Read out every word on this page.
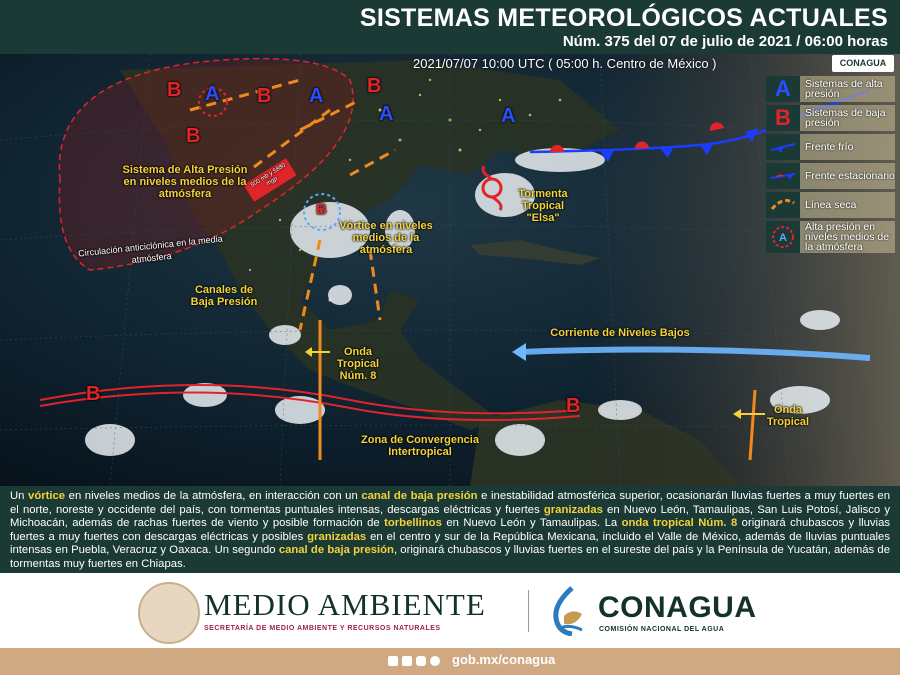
SISTEMAS METEOROLÓGICOS ACTUALES
Núm. 375 del 07 de julio de 2021 / 06:00 horas
A
B	B
B
A B
A	A
B
B
B
Sistema de Alta Presión en niveles medios de la atmósfera
Circulación anticiclónica en la media atmósfera
500 mb y 5880 mgp
Vórtice en niveles medios de la atmósfera
Tormenta Tropical "Elsa"
Canales de Baja Presión
Onda Tropical Núm. 8
Corriente de Niveles Bajos
Zona de Convergencia Intertropical
Onda Tropical
2021/07/07 10:00 UTC ( 05:00 h. Centro de México )	CONAGUA
A	Sistemas de alta presión
B	Sistemas de baja presión
Frente frío
Frente estacionario
Línea seca
A
Alta presión en niveles medios de la atmósfera
Un vórtice en niveles medios de la atmósfera, en interacción con un canal de baja presión e inestabilidad atmosférica superior, ocasionarán lluvias fuertes a muy fuertes en el norte, noreste y occidente del país, con tormentas puntuales intensas, descargas eléctricas y fuertes granizadas en Nuevo León, Tamaulipas, San Luis Potosí, Jalisco y Michoacán, además de rachas fuertes de viento y posible formación de torbellinos en Nuevo León y Tamaulipas. La onda tropical Núm. 8 originará chubascos y lluvias fuertes a muy fuertes con descargas eléctricas y posibles granizadas en el centro y sur de la República Mexicana, incluido el Valle de México, además de lluvias puntuales intensas en Puebla, Veracruz y Oaxaca. Un segundo canal de baja presión, originará chubascos y lluvias fuertes en el sureste del país y la Península de Yucatán, además de tormentas muy fuertes en Chiapas.
MEDIO AMBIENTE
SECRETARÍA DE MEDIO AMBIENTE Y RECURSOS NATURALES
CONAGUA
COMISIÓN NACIONAL DEL AGUA
gob.mx/conagua
